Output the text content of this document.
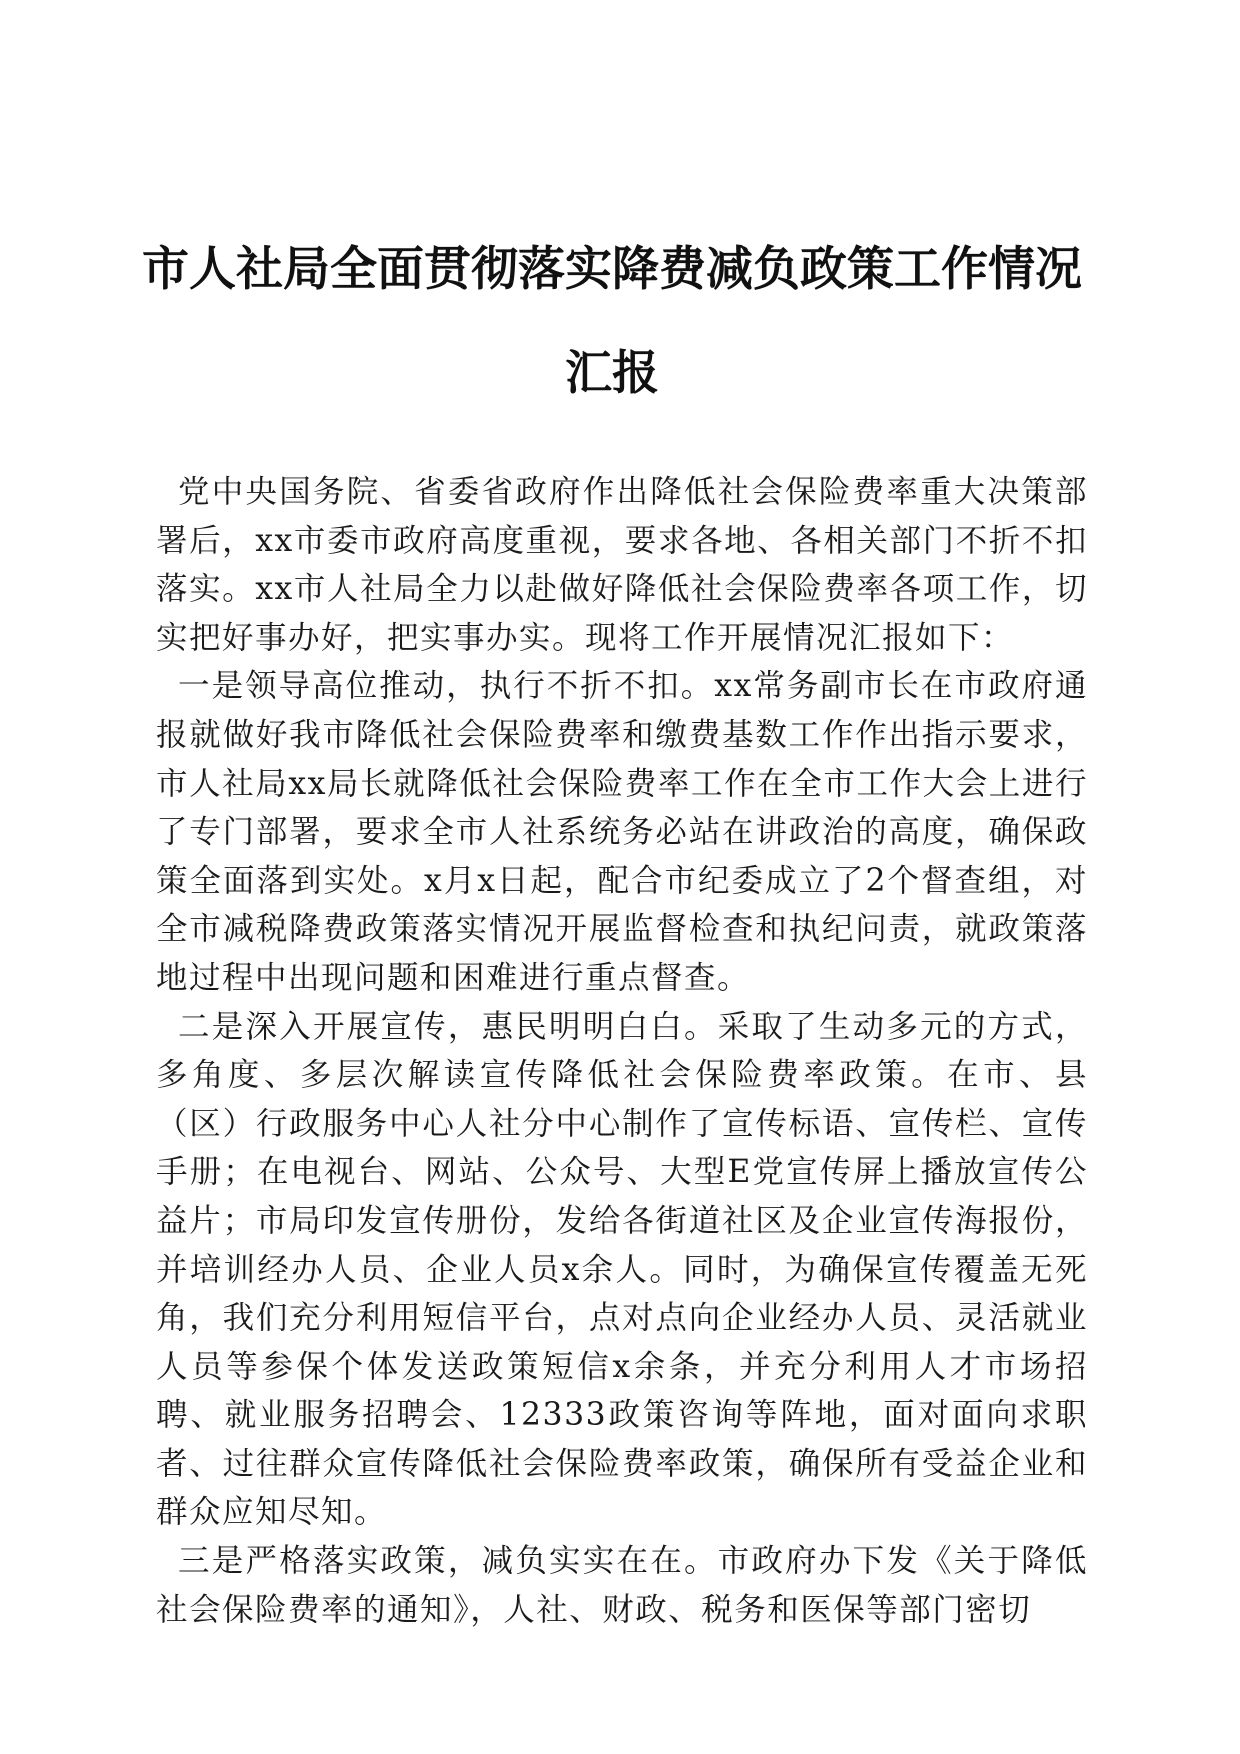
市人社局全面贯彻落实降费减负政策工作情况
汇报

党中央国务院、省委省政府作出降低社会保险费率重大决策部署后，xx市委市政府高度重视，要求各地、各相关部门不折不扣落实。xx市人社局全力以赴做好降低社会保险费率各项工作，切实把好事办好，把实事办实。现将工作开展情况汇报如下：

一是领导高位推动，执行不折不扣。xx常务副市长在市政府通报就做好我市降低社会保险费率和缴费基数工作作出指示要求，市人社局xx局长就降低社会保险费率工作在全市工作大会上进行了专门部署，要求全市人社系统务必站在讲政治的高度，确保政策全面落到实处。x月x日起，配合市纪委成立了2个督查组，对全市减税降费政策落实情况开展监督检查和执纪问责，就政策落地过程中出现问题和困难进行重点督查。

二是深入开展宣传，惠民明明白白。采取了生动多元的方式，多角度、多层次解读宣传降低社会保险费率政策。在市、县（区）行政服务中心人社分中心制作了宣传标语、宣传栏、宣传手册；在电视台、网站、公众号、大型E党宣传屏上播放宣传公益片；市局印发宣传册份，发给各街道社区及企业宣传海报份，并培训经办人员、企业人员x余人。同时，为确保宣传覆盖无死角，我们充分利用短信平台，点对点向企业经办人员、灵活就业人员等参保个体发送政策短信x余条，并充分利用人才市场招聘、就业服务招聘会、12333政策咨询等阵地，面对面向求职者、过往群众宣传降低社会保险费率政策，确保所有受益企业和群众应知尽知。

三是严格落实政策，减负实实在在。市政府办下发《关于降低社会保险费率的通知》，人社、财政、税务和医保等部门密切
